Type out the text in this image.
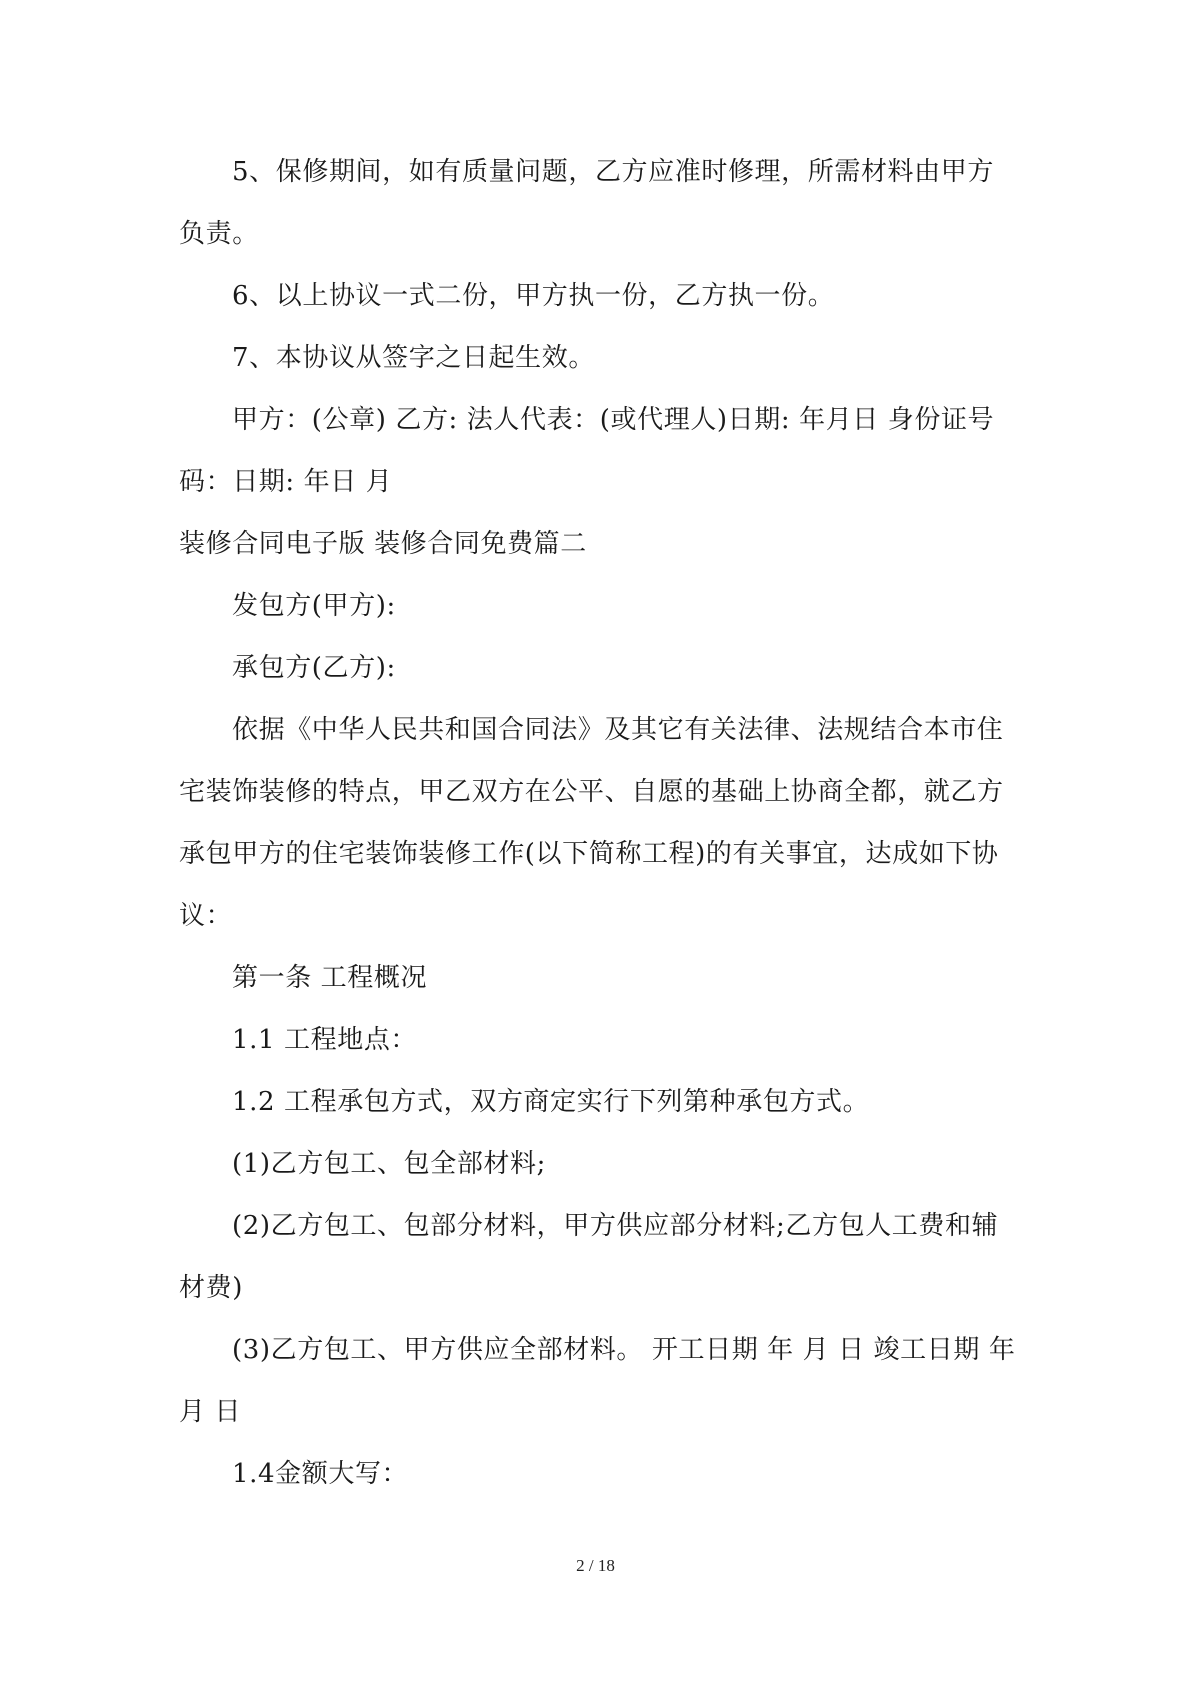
5、保修期间，如有质量问题，乙方应准时修理，所需材料由甲方负责。

6、以上协议一式二份，甲方执一份，乙方执一份。

7、本协议从签字之日起生效。

甲方：(公章) 乙方: 法人代表：(或代理人)日期: 年月日 身份证号码：日期: 年日 月

装修合同电子版 装修合同免费篇二

发包方(甲方):

承包方(乙方):

依据《中华人民共和国合同法》及其它有关法律、法规结合本市住宅装饰装修的特点，甲乙双方在公平、自愿的基础上协商全都，就乙方承包甲方的住宅装饰装修工作(以下简称工程)的有关事宜，达成如下协议：

第一条 工程概况

1.1 工程地点：

1.2 工程承包方式，双方商定实行下列第种承包方式。

(1)乙方包工、包全部材料;

(2)乙方包工、包部分材料，甲方供应部分材料;乙方包人工费和辅材费)

(3)乙方包工、甲方供应全部材料。 开工日期 年 月 日 竣工日期 年 月 日

1.4金额大写：

2 / 18
